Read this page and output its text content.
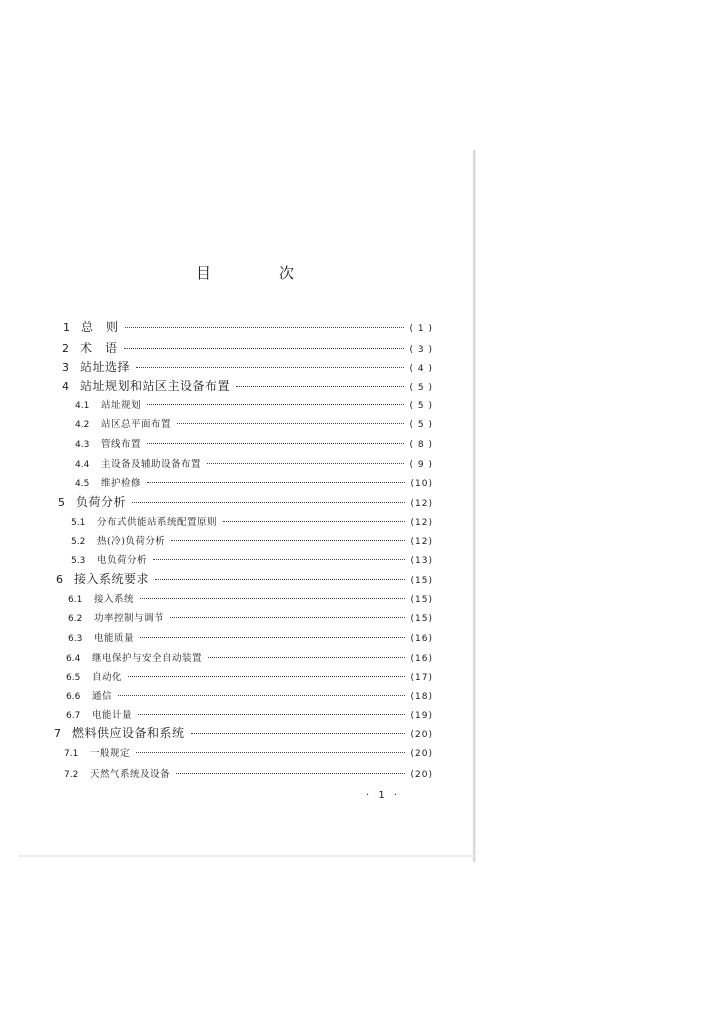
目	次
1 总　则	( 1 )
2 术　语	( 3 )
3 站址选择	( 4 )
4 站址规划和站区主设备布置	( 5 )
4.1	站址规划	( 5 )
4.2	站区总平面布置	( 5 )
4.3	管线布置	( 8 )
4.4	主设备及辅助设备布置	( 9 )
4.5	维护检修	(10)
5 负荷分析	(12)
5.1	分布式供能站系统配置原则	(12)
5.2	热(冷)负荷分析	(12)
5.3	电负荷分析	(13)
6 接入系统要求	(15)
6.1	接入系统	(15)
6.2	功率控制与调节	(15)
6.3	电能质量	(16)
6.4	继电保护与安全自动装置	(16)
6.5	自动化	(17)
6.6	通信	(18)
6.7	电能计量	(19)
7 燃料供应设备和系统	(20)
7.1	一般规定	(20)
7.2	天然气系统及设备	(20)
· 1 ·
